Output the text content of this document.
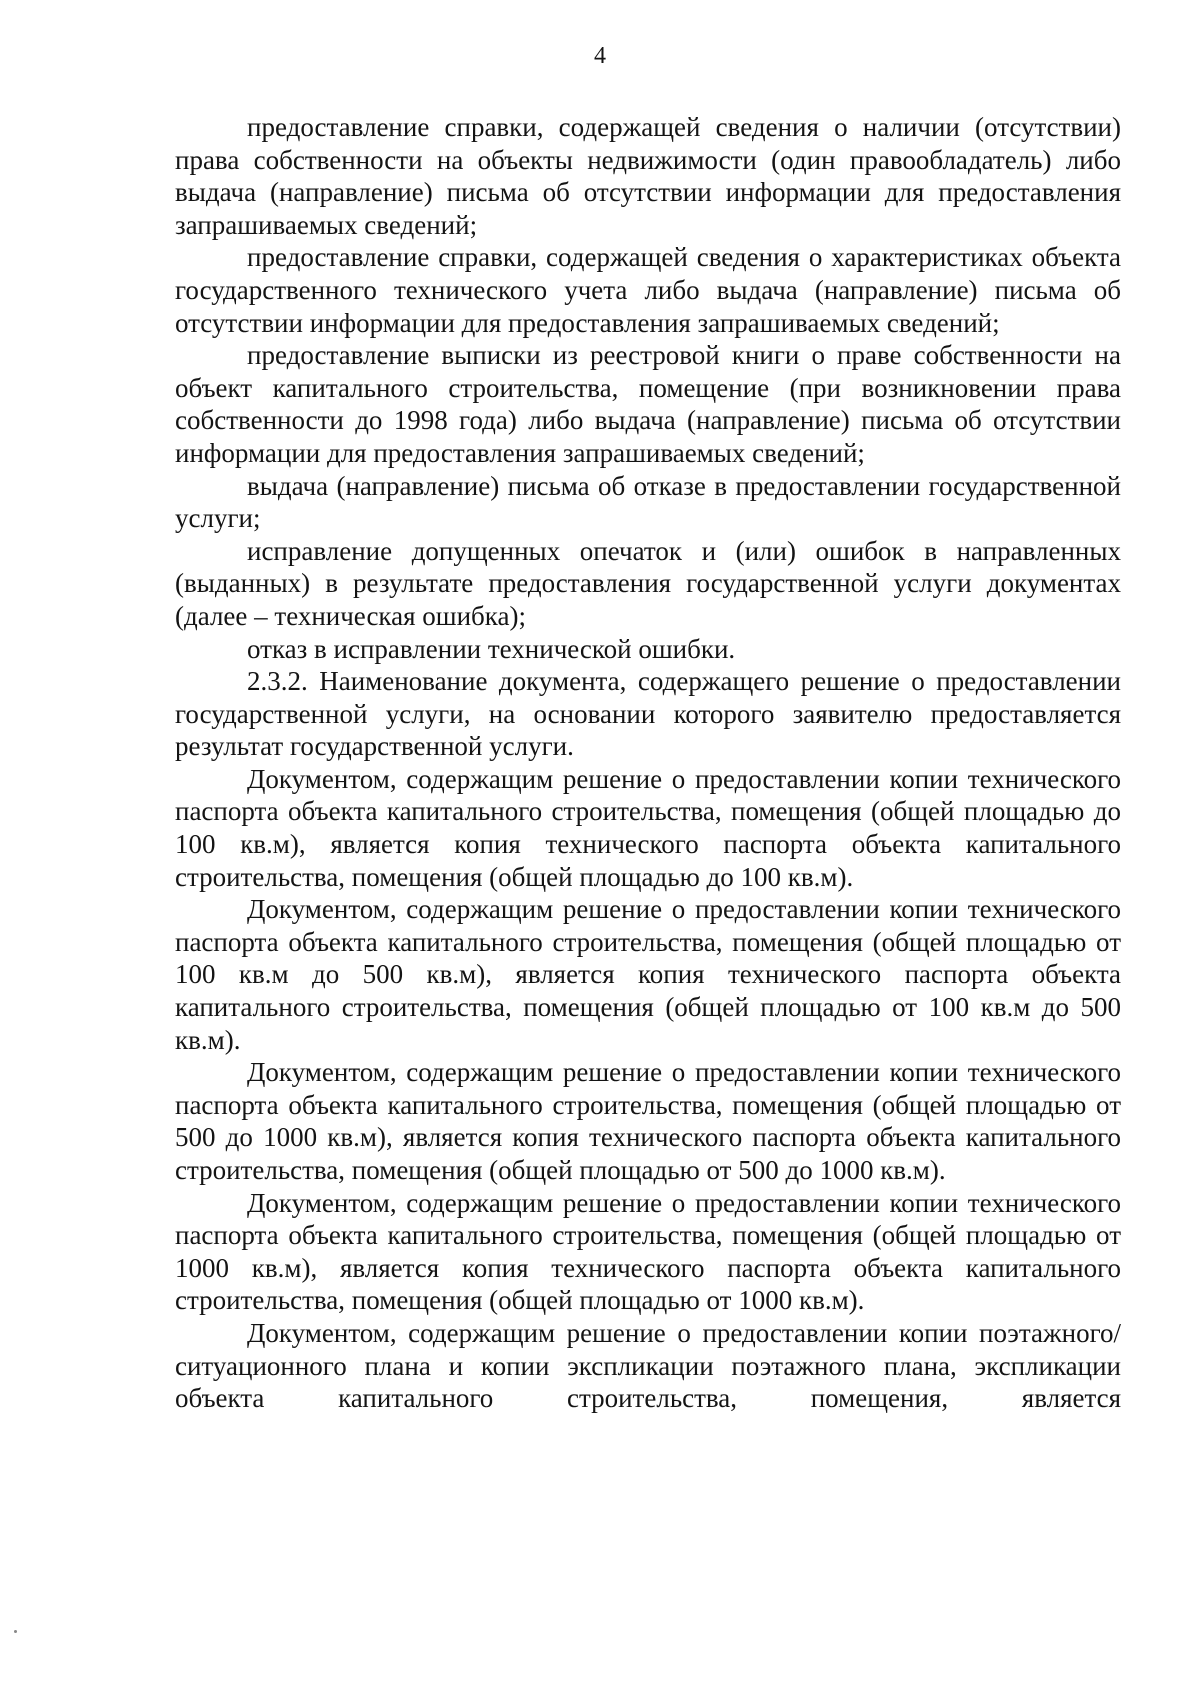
4

предоставление справки, содержащей сведения о наличии (отсутствии) права собственности на объекты недвижимости (один правообладатель) либо выдача (направление) письма об отсутствии информации для предоставления запрашиваемых сведений;

предоставление справки, содержащей сведения о характеристиках объекта государственного технического учета либо выдача (направление) письма об отсутствии информации для предоставления запрашиваемых сведений;

предоставление выписки из реестровой книги о праве собственности на объект капитального строительства, помещение (при возникновении права собственности до 1998 года) либо выдача (направление) письма об отсутствии информации для предоставления запрашиваемых сведений;

выдача (направление) письма об отказе в предоставлении государственной услуги;

исправление допущенных опечаток и (или) ошибок в направленных (выданных) в результате предоставления государственной услуги документах (далее – техническая ошибка);

отказ в исправлении технической ошибки.

2.3.2. Наименование документа, содержащего решение о предоставлении государственной услуги, на основании которого заявителю предоставляется результат государственной услуги.

Документом, содержащим решение о предоставлении копии технического паспорта объекта капитального строительства, помещения (общей площадью до 100 кв.м), является копия технического паспорта объекта капитального строительства, помещения (общей площадью до 100 кв.м).

Документом, содержащим решение о предоставлении копии технического паспорта объекта капитального строительства, помещения (общей площадью от 100 кв.м до 500 кв.м), является копия технического паспорта объекта капитального строительства, помещения (общей площадью от 100 кв.м до 500 кв.м).

Документом, содержащим решение о предоставлении копии технического паспорта объекта капитального строительства, помещения (общей площадью от 500 до 1000 кв.м), является копия технического паспорта объекта капитального строительства, помещения (общей площадью от 500 до 1000 кв.м).

Документом, содержащим решение о предоставлении копии технического паспорта объекта капитального строительства, помещения (общей площадью от 1000 кв.м), является копия технического паспорта объекта капитального строительства, помещения (общей площадью от 1000 кв.м).

Документом, содержащим решение о предоставлении копии поэтажного/ситуационного плана и копии экспликации поэтажного плана, экспликации объекта капитального строительства, помещения, является
